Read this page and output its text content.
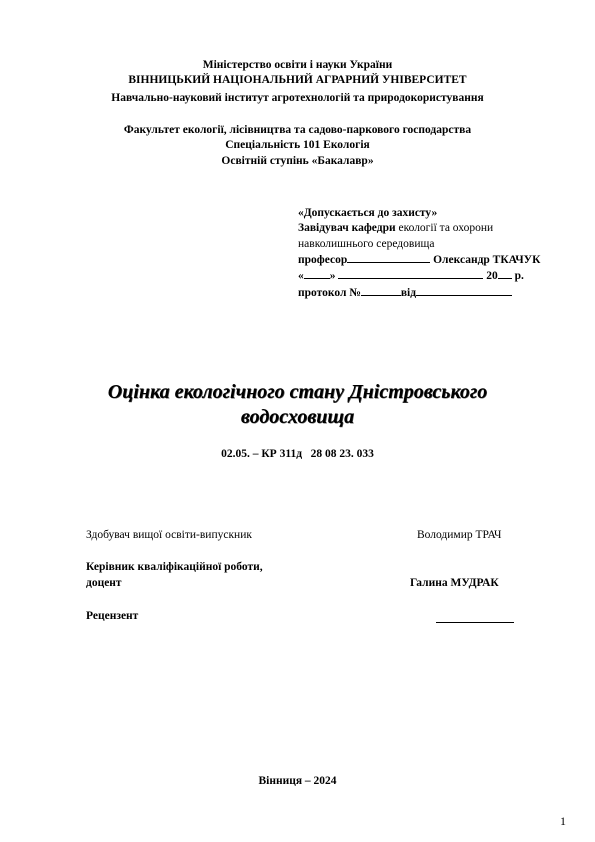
Міністерство освіти і науки України
ВІННИЦЬКИЙ НАЦІОНАЛЬНИЙ АГРАРНИЙ УНІВЕРСИТЕТ
Навчально-науковий інститут агротехнологій та природокористування
Факультет екології, лісівництва та садово-паркового господарства
Спеціальність 101 Екологія
Освітній ступінь «Бакалавр»
«Допускається до захисту»
Завідувач кафедри екології та охорони
навколишнього середовища
професор	Олександр ТКАЧУК
« »	20 р.
протокол №	від
Оцінка екологічного стану Дністровського
водосховища
02.05. – КР 311д   28 08 23. 033
Здобувач вищої освіти-випускник	Володимир ТРАЧ
Керівник кваліфікаційної роботи,
доцент	Галина МУДРАК
Рецензент
Вінниця – 2024
1
